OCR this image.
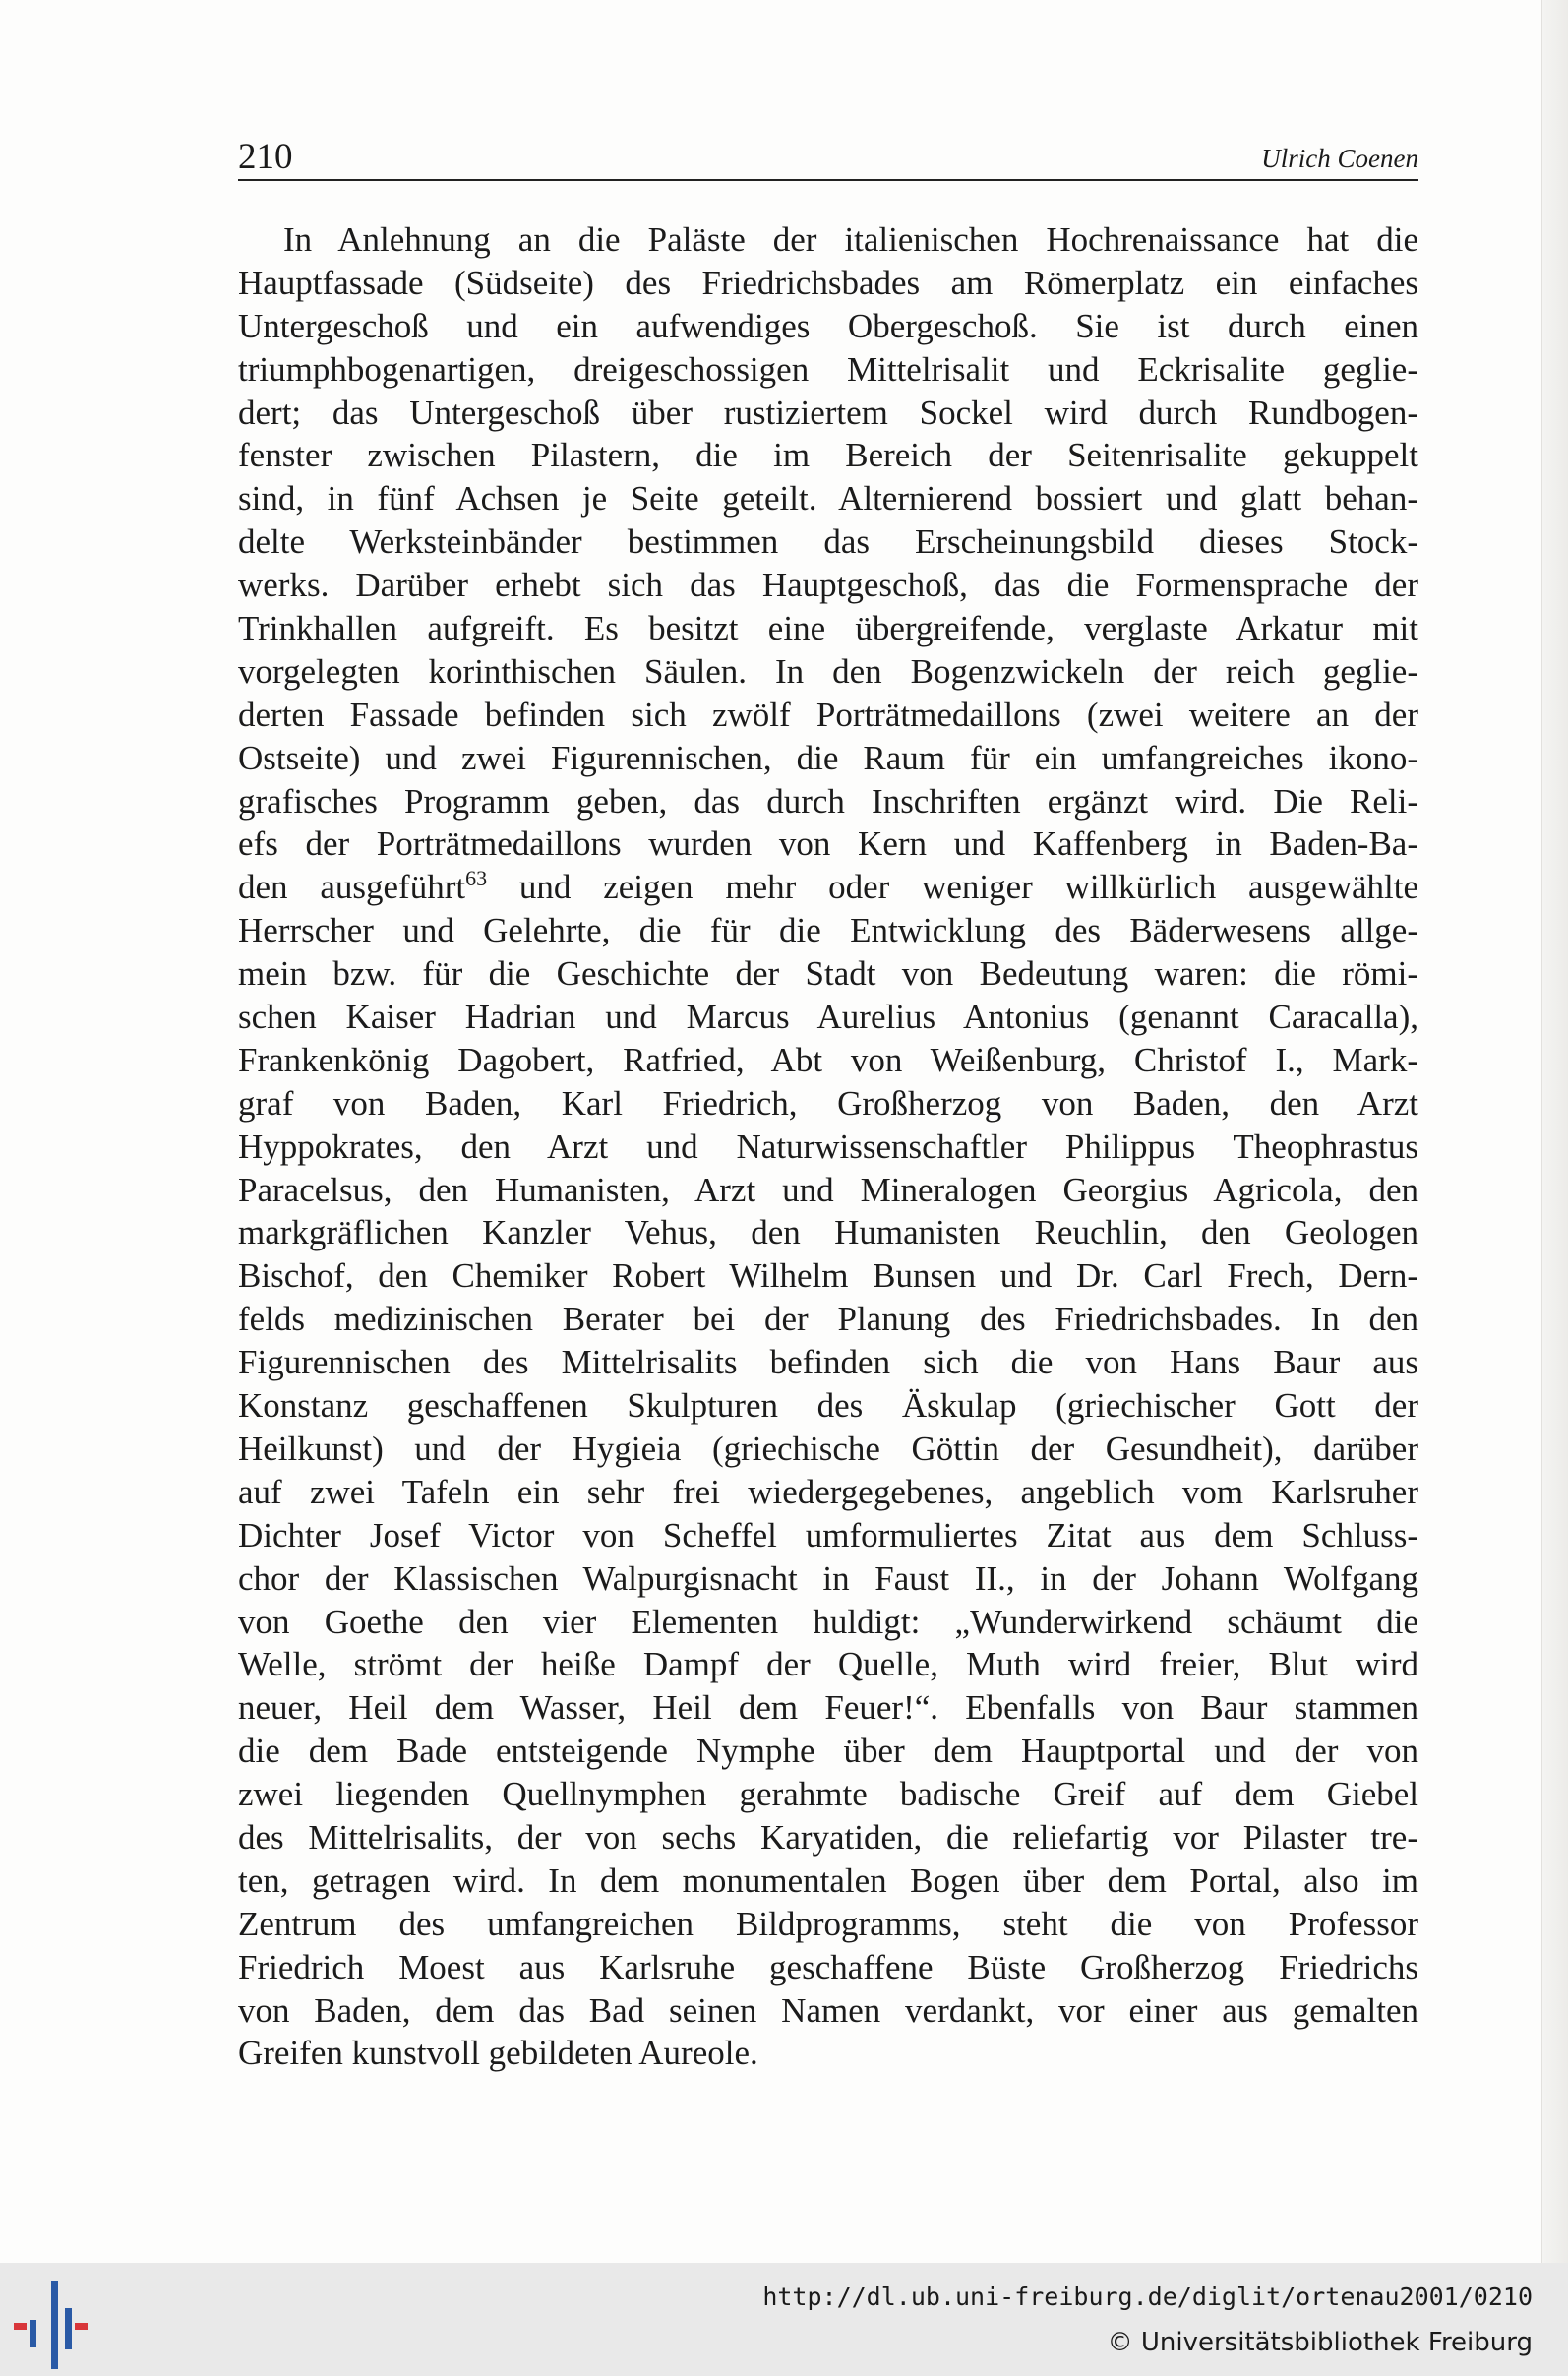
210	Ulrich Coenen
In Anlehnung an die Paläste der italienischen Hochrenaissance hat die
Hauptfassade (Südseite) des Friedrichsbades am Römerplatz ein einfaches
Untergeschoß und ein aufwendiges Obergeschoß. Sie ist durch einen
triumphbogenartigen, dreigeschossigen Mittelrisalit und Eckrisalite geglie-
dert; das Untergeschoß über rustiziertem Sockel wird durch Rundbogen-
fenster zwischen Pilastern, die im Bereich der Seitenrisalite gekuppelt
sind, in fünf Achsen je Seite geteilt. Alternierend bossiert und glatt behan-
delte Werksteinbänder bestimmen das Erscheinungsbild dieses Stock-
werks. Darüber erhebt sich das Hauptgeschoß, das die Formensprache der
Trinkhallen aufgreift. Es besitzt eine übergreifende, verglaste Arkatur mit
vorgelegten korinthischen Säulen. In den Bogenzwickeln der reich geglie-
derten Fassade befinden sich zwölf Porträtmedaillons (zwei weitere an der
Ostseite) und zwei Figurennischen, die Raum für ein umfangreiches ikono-
grafisches Programm geben, das durch Inschriften ergänzt wird. Die Reli-
efs der Porträtmedaillons wurden von Kern und Kaffenberg in Baden-Ba-
den ausgeführt$^{63}$ und zeigen mehr oder weniger willkürlich ausgewählte
Herrscher und Gelehrte, die für die Entwicklung des Bäderwesens allge-
mein bzw. für die Geschichte der Stadt von Bedeutung waren: die römi-
schen Kaiser Hadrian und Marcus Aurelius Antonius (genannt Caracalla),
Frankenkönig Dagobert, Ratfried, Abt von Weißenburg, Christof I., Mark-
graf von Baden, Karl Friedrich, Großherzog von Baden, den Arzt
Hyppokrates, den Arzt und Naturwissenschaftler Philippus Theophrastus
Paracelsus, den Humanisten, Arzt und Mineralogen Georgius Agricola, den
markgräflichen Kanzler Vehus, den Humanisten Reuchlin, den Geologen
Bischof, den Chemiker Robert Wilhelm Bunsen und Dr. Carl Frech, Dern-
felds medizinischen Berater bei der Planung des Friedrichsbades. In den
Figurennischen des Mittelrisalits befinden sich die von Hans Baur aus
Konstanz geschaffenen Skulpturen des Äskulap (griechischer Gott der
Heilkunst) und der Hygieia (griechische Göttin der Gesundheit), darüber
auf zwei Tafeln ein sehr frei wiedergegebenes, angeblich vom Karlsruher
Dichter Josef Victor von Scheffel umformuliertes Zitat aus dem Schluss-
chor der Klassischen Walpurgisnacht in Faust II., in der Johann Wolfgang
von Goethe den vier Elementen huldigt: „Wunderwirkend schäumt die
Welle, strömt der heiße Dampf der Quelle, Muth wird freier, Blut wird
neuer, Heil dem Wasser, Heil dem Feuer!“. Ebenfalls von Baur stammen
die dem Bade entsteigende Nymphe über dem Hauptportal und der von
zwei liegenden Quellnymphen gerahmte badische Greif auf dem Giebel
des Mittelrisalits, der von sechs Karyatiden, die reliefartig vor Pilaster tre-
ten, getragen wird. In dem monumentalen Bogen über dem Portal, also im
Zentrum des umfangreichen Bildprogramms, steht die von Professor
Friedrich Moest aus Karlsruhe geschaffene Büste Großherzog Friedrichs
von Baden, dem das Bad seinen Namen verdankt, vor einer aus gemalten
Greifen kunstvoll gebildeten Aureole.
http://dl.ub.uni-freiburg.de/diglit/ortenau2001/0210
© Universitätsbibliothek Freiburg
